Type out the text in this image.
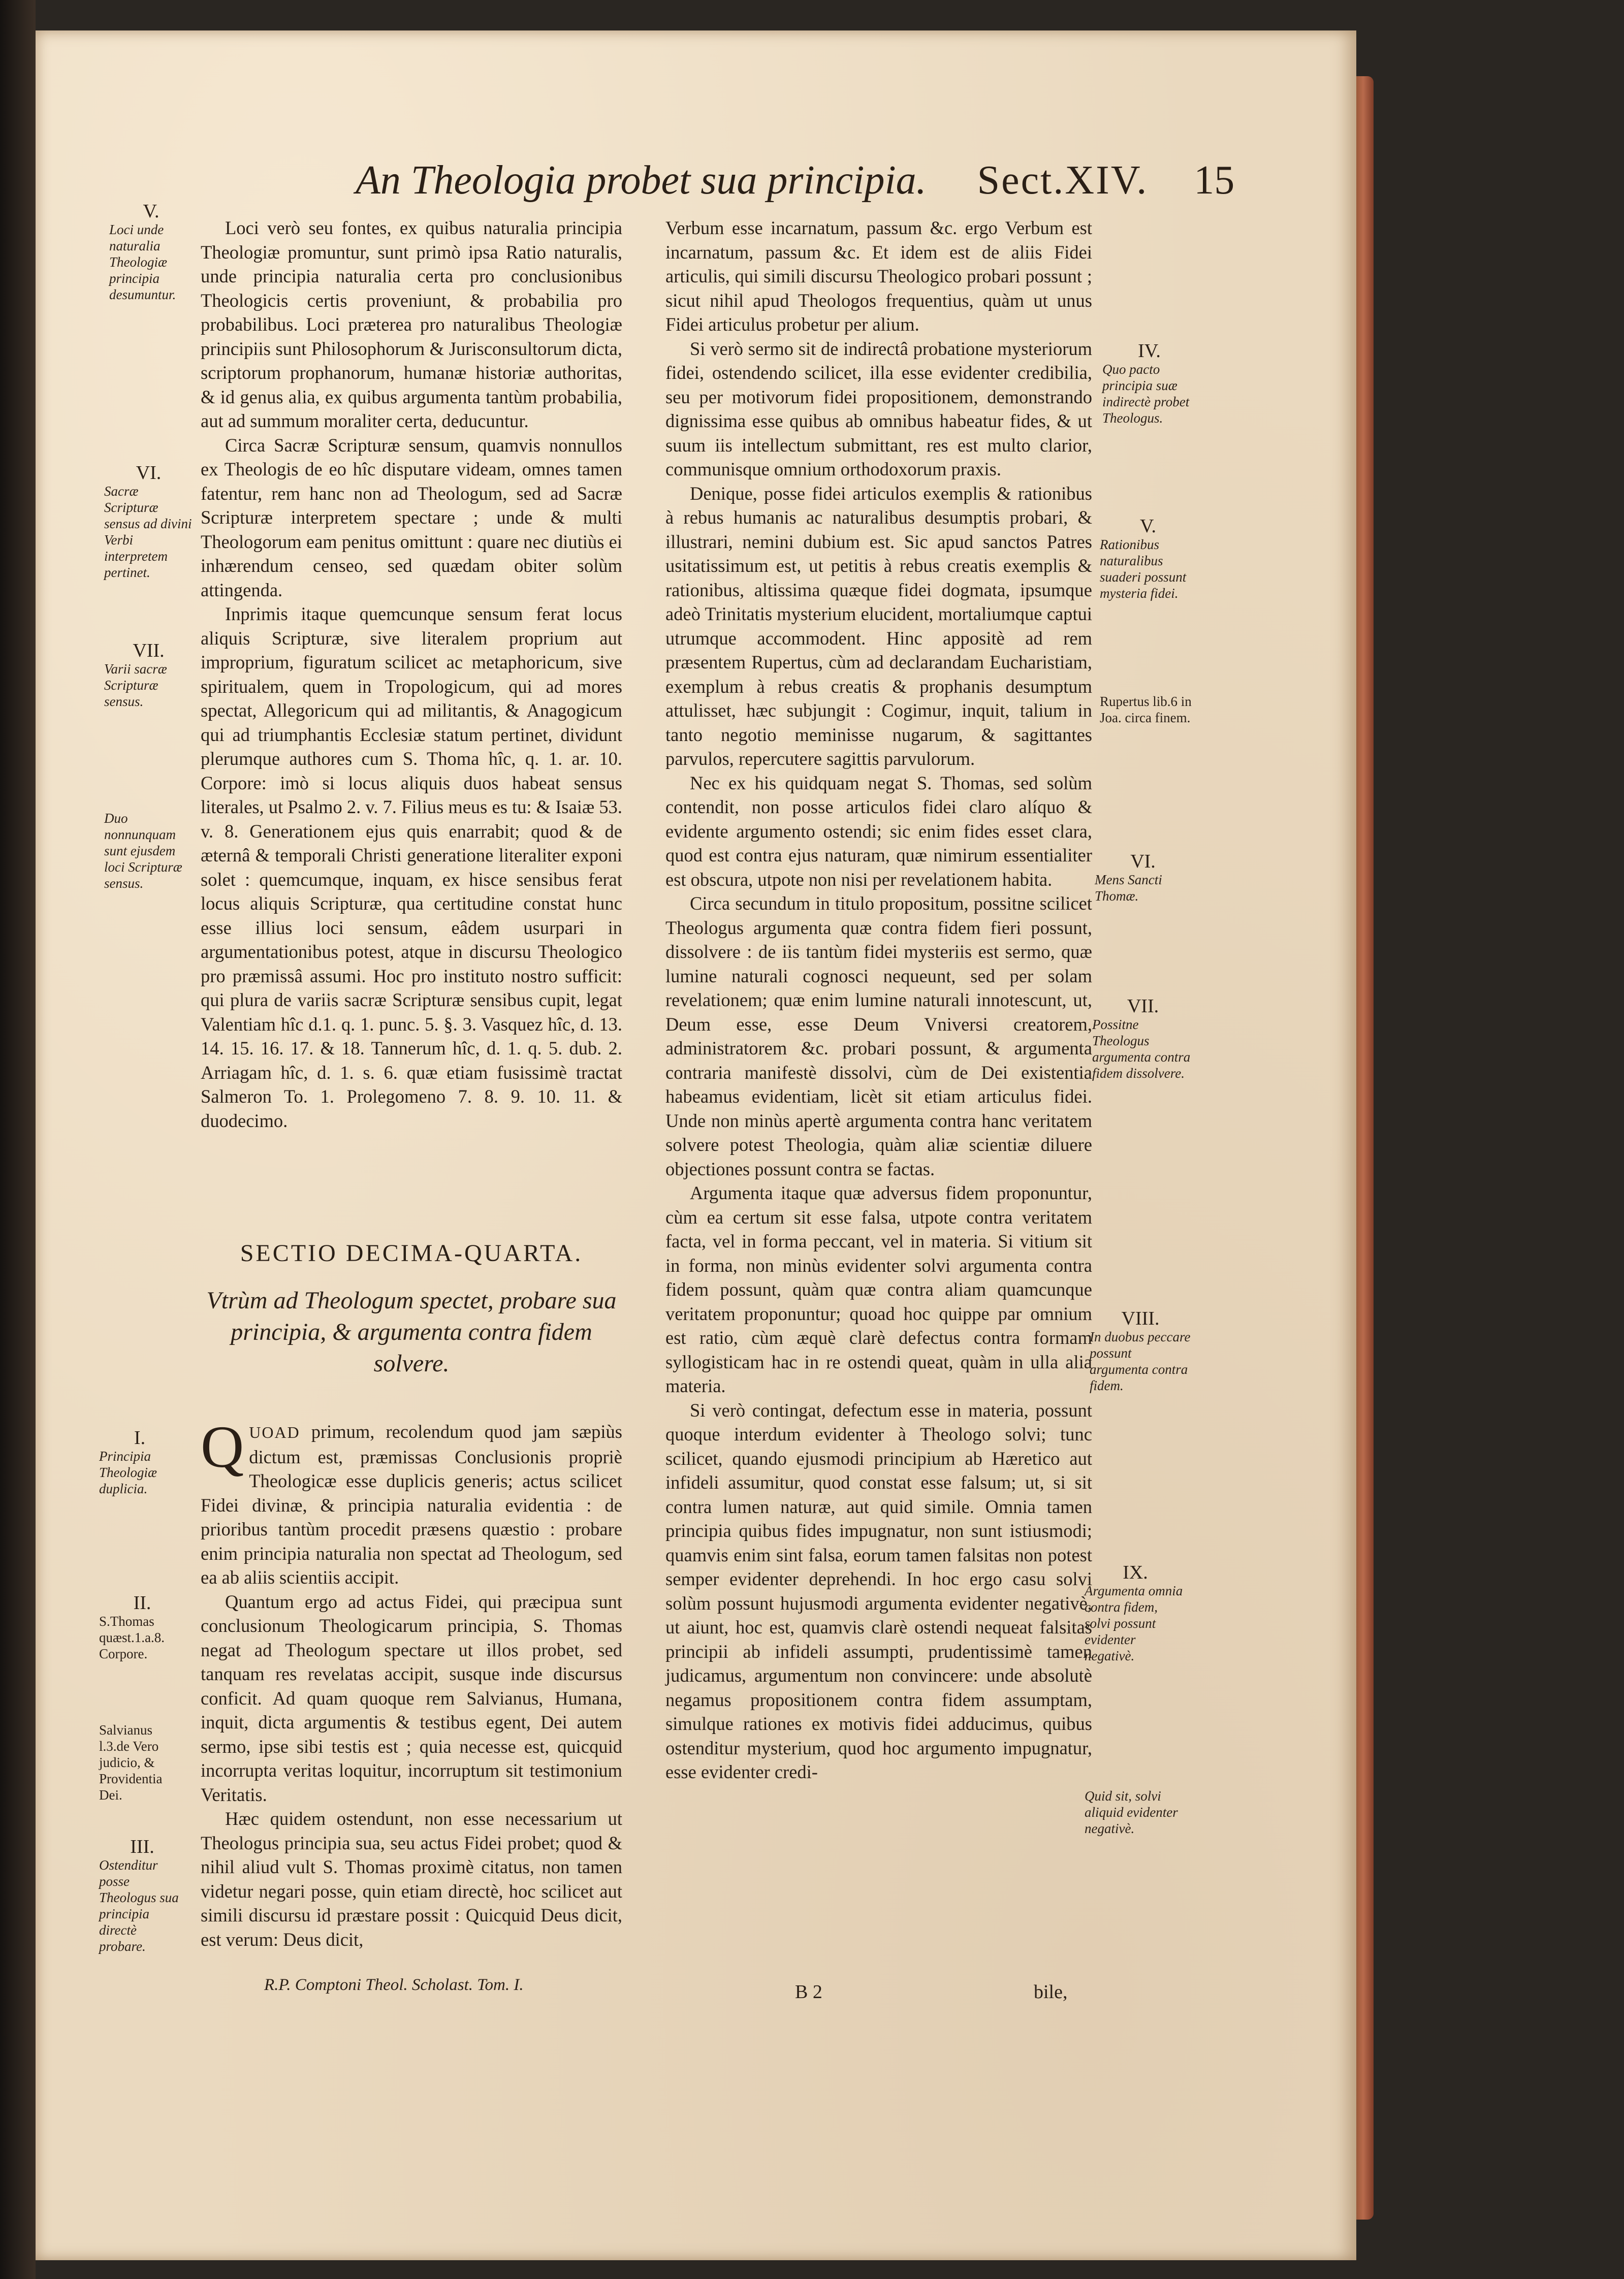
An Theologia probet sua principia. Sect.XIV. 15

Loci verò seu fontes, ex quibus naturalia principia Theologiæ promuntur, sunt primò ipsa Ratio naturalis, unde principia naturalia certa pro conclusionibus Theologicis certis proveniunt, & probabilia pro probabilibus. Loci præterea pro naturalibus Theologiæ principiis sunt Philosophorum & Jurisconsultorum dicta, scriptorum prophanorum, humanæ historiæ authoritas, & id genus alia, ex quibus argumenta tantùm probabilia, aut ad summum moraliter certa, deducuntur.

Circa Sacræ Scripturæ sensum, quamvis nonnullos ex Theologis de eo hîc disputare videam, omnes tamen fatentur, rem hanc non ad Theologum, sed ad Sacræ Scripturæ interpretem spectare ; unde & multi Theologorum eam penitus omittunt : quare nec diutiùs ei inhærendum censeo, sed quædam obiter solùm attingenda.

Inprimis itaque quemcunque sensum ferat locus aliquis Scripturæ, sive literalem proprium aut improprium, figuratum scilicet ac metaphoricum, sive spiritualem, quem in Tropologicum, qui ad mores spectat, Allegoricum qui ad militantis, & Anagogicum qui ad triumphantis Ecclesiæ statum pertinet, dividunt plerumque authores cum S. Thoma hîc, q. 1. ar. 10. Corpore: imò si locus aliquis duos habeat sensus literales, ut Psalmo 2. v. 7. Filius meus es tu: & Isaiæ 53. v. 8. Generationem ejus quis enarrabit; quod & de æternâ & temporali Christi generatione literaliter exponi solet : quemcumque, inquam, ex hisce sensibus ferat locus aliquis Scripturæ, qua certitudine constat hunc esse illius loci sensum, eâdem usurpari in argumentationibus potest, atque in discursu Theologico pro præmissâ assumi. Hoc pro instituto nostro sufficit: qui plura de variis sacræ Scripturæ sensibus cupit, legat Valentiam hîc d.1. q. 1. punc. 5. §. 3. Vasquez hîc, d. 13. 14. 15. 16. 17. & 18. Tannerum hîc, d. 1. q. 5. dub. 2. Arriagam hîc, d. 1. s. 6. quæ etiam fusissimè tractat Salmeron To. 1. Prolegomeno 7. 8. 9. 10. 11. & duodecimo.

SECTIO DECIMA-QUARTA.
Vtrùm ad Theologum spectet, probare sua principia, & argumenta contra fidem solvere.

Q UOAD primum, recolendum quod jam sæpiùs dictum est, præmissas Conclusionis propriè Theologicæ esse duplicis generis; actus scilicet Fidei divinæ, & principia naturalia evidentia : de prioribus tantùm procedit præsens quæstio : probare enim principia naturalia non spectat ad Theologum, sed ea ab aliis scientiis accipit.

Quantum ergo ad actus Fidei, qui præcipua sunt conclusionum Theologicarum principia, S. Thomas negat ad Theologum spectare ut illos probet, sed tanquam res revelatas accipit, susque inde discursus conficit. Ad quam quoque rem Salvianus, Humana, inquit, dicta argumentis & testibus egent, Dei autem sermo, ipse sibi testis est ; quia necesse est, quicquid incorrupta veritas loquitur, incorruptum sit testimonium Veritatis.

Hæc quidem ostendunt, non esse necessarium ut Theologus principia sua, seu actus Fidei probet; quod & nihil aliud vult S. Thomas proximè citatus, non tamen videtur negari posse, quin etiam directè, hoc scilicet aut simili discursu id præstare possit : Quicquid Deus dicit, est verum: Deus dicit,

R.P. Comptoni Theol. Scholast. Tom. I.

Verbum esse incarnatum, passum &c. ergo Verbum est incarnatum, passum &c. Et idem est de aliis Fidei articulis, qui simili discursu Theologico probari possunt ; sicut nihil apud Theologos frequentius, quàm ut unus Fidei articulus probetur per alium.

Si verò sermo sit de indirectâ probatione mysteriorum fidei, ostendendo scilicet, illa esse evidenter credibilia, seu per motivorum fidei propositionem, demonstrando dignissima esse quibus ab omnibus habeatur fides, & ut suum iis intellectum submittant, res est multo clarior, communisque omnium orthodoxorum praxis.

Denique, posse fidei articulos exemplis & rationibus à rebus humanis ac naturalibus desumptis probari, & illustrari, nemini dubium est. Sic apud sanctos Patres usitatissimum est, ut petitis à rebus creatis exemplis & rationibus, altissima quæque fidei dogmata, ipsumque adeò Trinitatis mysterium elucident, mortaliumque captui utrumque accommodent. Hinc appositè ad rem præsentem Rupertus, cùm ad declarandam Eucharistiam, exemplum à rebus creatis & prophanis desumptum attulisset, hæc subjungit : Cogimur, inquit, talium in tanto negotio meminisse nugarum, & sagittantes parvulos, repercutere sagittis parvulorum.

Nec ex his quidquam negat S. Thomas, sed solùm contendit, non posse articulos fidei claro alíquo & evidente argumento ostendi; sic enim fides esset clara, quod est contra ejus naturam, quæ nimirum essentialiter est obscura, utpote non nisi per revelationem habita.

Circa secundum in titulo propositum, possitne scilicet Theologus argumenta quæ contra fidem fieri possunt, dissolvere : de iis tantùm fidei mysteriis est sermo, quæ lumine naturali cognosci nequeunt, sed per solam revelationem; quæ enim lumine naturali innotescunt, ut, Deum esse, esse Deum Vniversi creatorem, administratorem &c. probari possunt, & argumenta contraria manifestè dissolvi, cùm de Dei existentia habeamus evidentiam, licèt sit etiam articulus fidei. Unde non minùs apertè argumenta contra hanc veritatem solvere potest Theologia, quàm aliæ scientiæ diluere objectiones possunt contra se factas.

Argumenta itaque quæ adversus fidem proponuntur, cùm ea certum sit esse falsa, utpote contra veritatem facta, vel in forma peccant, vel in materia. Si vitium sit in forma, non minùs evidenter solvi argumenta contra fidem possunt, quàm quæ contra aliam quamcunque veritatem proponuntur; quoad hoc quippe par omnium est ratio, cùm æquè clarè defectus contra formam syllogisticam hac in re ostendi queat, quàm in ulla alia materia.

Si verò contingat, defectum esse in materia, possunt quoque interdum evidenter à Theologo solvi; tunc scilicet, quando ejusmodi principium ab Hæretico aut infideli assumitur, quod constat esse falsum; ut, si sit contra lumen naturæ, aut quid simile. Omnia tamen principia quibus fides impugnatur, non sunt istiusmodi; quamvis enim sint falsa, eorum tamen falsitas non potest semper evidenter deprehendi. In hoc ergo casu solvi solùm possunt hujusmodi argumenta evidenter negativè, ut aiunt, hoc est, quamvis clarè ostendi nequeat falsitas principii ab infideli assumpti, prudentissimè tamen judicamus, argumentum non convincere: unde absolutè negamus propositionem contra fidem assumptam, simulque rationes ex motivis fidei adducimus, quibus ostenditur mysterium, quod hoc argumento impugnatur, esse evidenter credi-

B 2	bile,
V.
Loci unde naturalia Theologiæ principia desumuntur.
VI.
Sacræ Scripturæ sensus ad divini Verbi interpretem pertinet.
VII.
Varii sacræ Scripturæ sensus.
Duo nonnunquam sunt ejusdem loci Scripturæ sensus.
I.
Principia Theologiæ duplicia.
II.
S.Thomas quæst.1.a.8. Corpore.
Salvianus l.3.de Vero judicio, & Providentia Dei.
III.
Ostenditur posse Theologus sua principia directè probare.
IV.
Quo pacto principia suæ indirectè probet Theologus.
V.
Rationibus naturalibus suaderi possunt mysteria fidei.
Rupertus lib.6 in Joa. circa finem.
VI.
Mens Sancti Thomæ.
VII.
Possitne Theologus argumenta contra fidem dissolvere.
VIII.
In duobus peccare possunt argumenta contra fidem.
IX.
Argumenta omnia contra fidem, solvi possunt evidenter negativè.
Quid sit, solvi aliquid evidenter negativè.
